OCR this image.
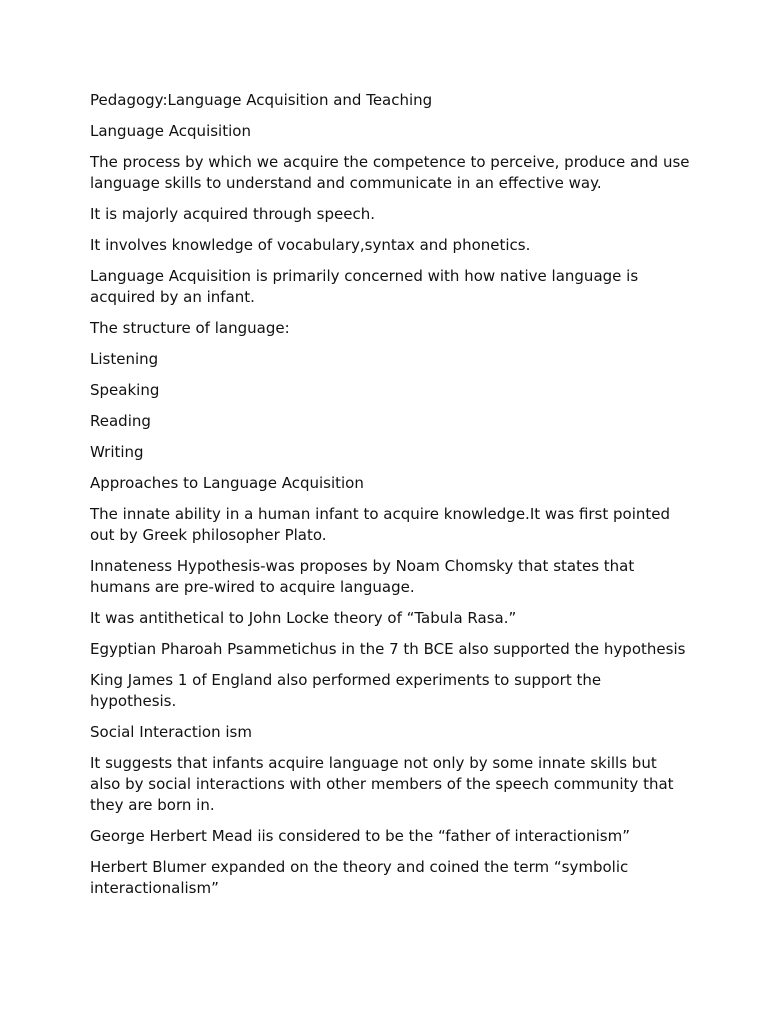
Pedagogy:Language Acquisition and Teaching

Language Acquisition

The process by which we acquire the competence to perceive, produce and use language skills to understand and communicate in an effective way.

It is majorly acquired through speech.

It involves knowledge of vocabulary,syntax and phonetics.

Language Acquisition is primarily concerned with how native language is acquired by an infant.

The structure of language:

Listening

Speaking

Reading

Writing

Approaches to Language Acquisition

The innate ability in a human infant to acquire knowledge.It was first pointed out by Greek philosopher Plato.

Innateness Hypothesis-was proposes by Noam Chomsky that states that humans are pre-wired to acquire language.

It was antithetical to John Locke theory of “Tabula Rasa.”

Egyptian Pharoah Psammetichus in the 7 th BCE also supported the hypothesis

King James 1 of England also performed experiments to support the hypothesis.

Social Interaction ism

It suggests that infants acquire language not only by some innate skills but also by social interactions with other members of the speech community that they are born in.

George Herbert Mead iis considered to be the “father of interactionism”

Herbert Blumer expanded on the theory and coined the term “symbolic interactionalism”
